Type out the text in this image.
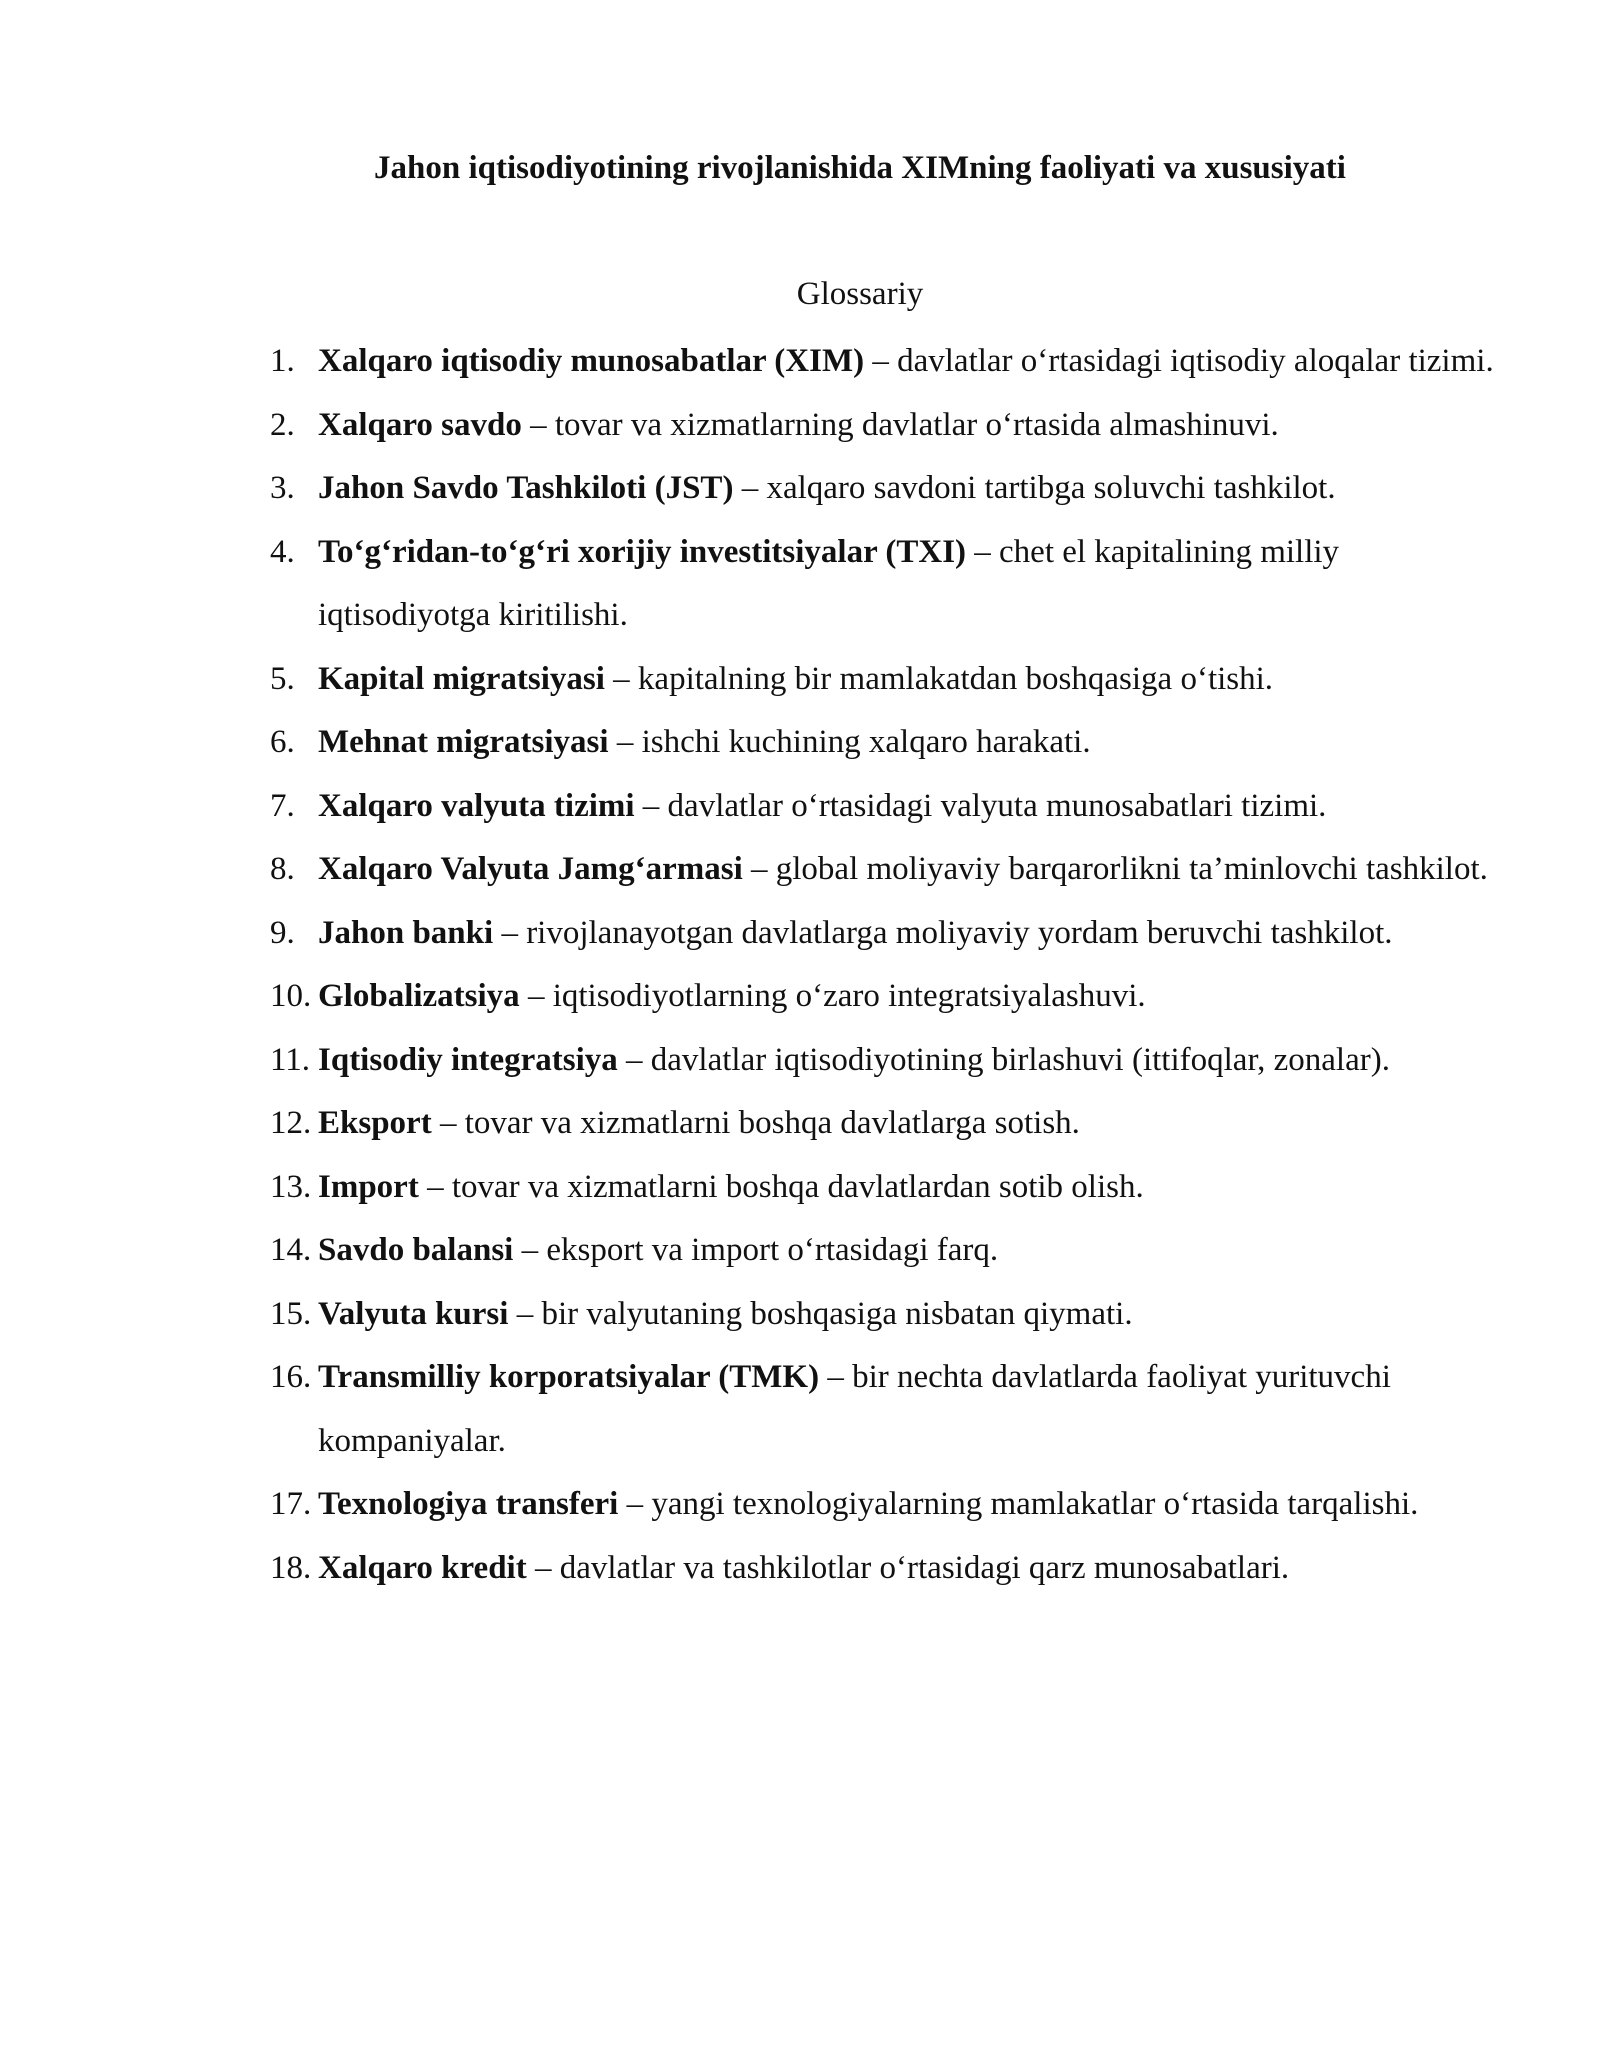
Jahon iqtisodiyotining rivojlanishida XIMning faoliyati va xususiyati
Glossariy
1. Xalqaro iqtisodiy munosabatlar (XIM) – davlatlar o‘rtasidagi iqtisodiy aloqalar tizimi.
2. Xalqaro savdo – tovar va xizmatlarning davlatlar o‘rtasida almashinuvi.
3. Jahon Savdo Tashkiloti (JST) – xalqaro savdoni tartibga soluvchi tashkilot.
4. To‘g‘ridan-to‘g‘ri xorijiy investitsiyalar (TXI) – chet el kapitalining milliy iqtisodiyotga kiritilishi.
5. Kapital migratsiyasi – kapitalning bir mamlakatdan boshqasiga o‘tishi.
6. Mehnat migratsiyasi – ishchi kuchining xalqaro harakati.
7. Xalqaro valyuta tizimi – davlatlar o‘rtasidagi valyuta munosabatlari tizimi.
8. Xalqaro Valyuta Jamg‘armasi – global moliyaviy barqarorlikni ta’minlovchi tashkilot.
9. Jahon banki – rivojlanayotgan davlatlarga moliyaviy yordam beruvchi tashkilot.
10. Globalizatsiya – iqtisodiyotlarning o‘zaro integratsiyalashuvi.
11. Iqtisodiy integratsiya – davlatlar iqtisodiyotining birlashuvi (ittifoqlar, zonalar).
12. Eksport – tovar va xizmatlarni boshqa davlatlarga sotish.
13. Import – tovar va xizmatlarni boshqa davlatlardan sotib olish.
14. Savdo balansi – eksport va import o‘rtasidagi farq.
15. Valyuta kursi – bir valyutaning boshqasiga nisbatan qiymati.
16. Transmilliy korporatsiyalar (TMK) – bir nechta davlatlarda faoliyat yurituvchi kompaniyalar.
17. Texnologiya transferi – yangi texnologiyalarning mamlakatlar o‘rtasida tarqalishi.
18. Xalqaro kredit – davlatlar va tashkilotlar o‘rtasidagi qarz munosabatlari.
